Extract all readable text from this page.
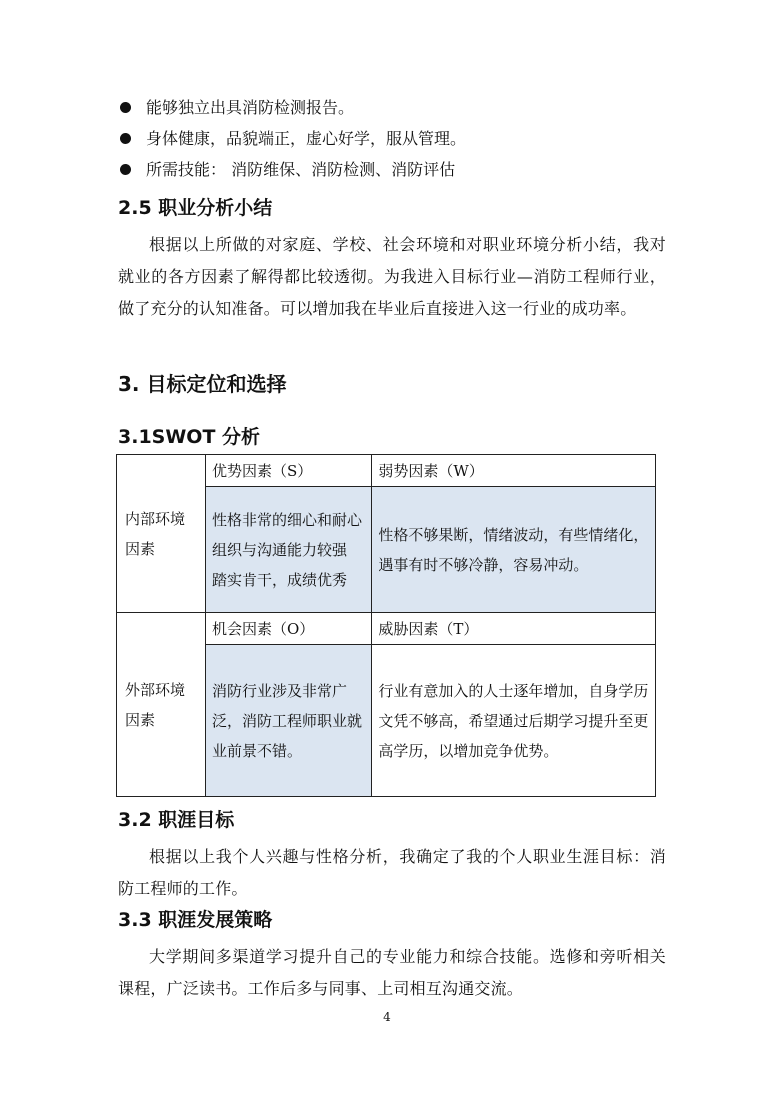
能够独立出具消防检测报告。
身体健康，品貌端正，虚心好学，服从管理。
所需技能： 消防维保、消防检测、消防评估
2.5 职业分析小结
根据以上所做的对家庭、学校、社会环境和对职业环境分析小结，我对就业的各方因素了解得都比较透彻。为我进入目标行业—消防工程师行业，做了充分的认知准备。可以增加我在毕业后直接进入这一行业的成功率。
3. 目标定位和选择
3.1SWOT 分析
内部环境因素	优势因素（S）	弱势因素（W）

	性格非常的细心和耐心
组织与沟通能力较强
踏实肯干，成绩优秀	性格不够果断，情绪波动，有些情绪化，遇事有时不够冷静，容易冲动。

外部环境因素	机会因素（O）	威胁因素（T）

	消防行业涉及非常广泛，消防工程师职业就业前景不错。	行业有意加入的人士逐年增加，自身学历文凭不够高，希望通过后期学习提升至更高学历，以增加竞争优势。
3.2 职涯目标
根据以上我个人兴趣与性格分析，我确定了我的个人职业生涯目标：消防工程师的工作。
3.3 职涯发展策略
大学期间多渠道学习提升自己的专业能力和综合技能。选修和旁听相关课程，广泛读书。工作后多与同事、上司相互沟通交流。
4
